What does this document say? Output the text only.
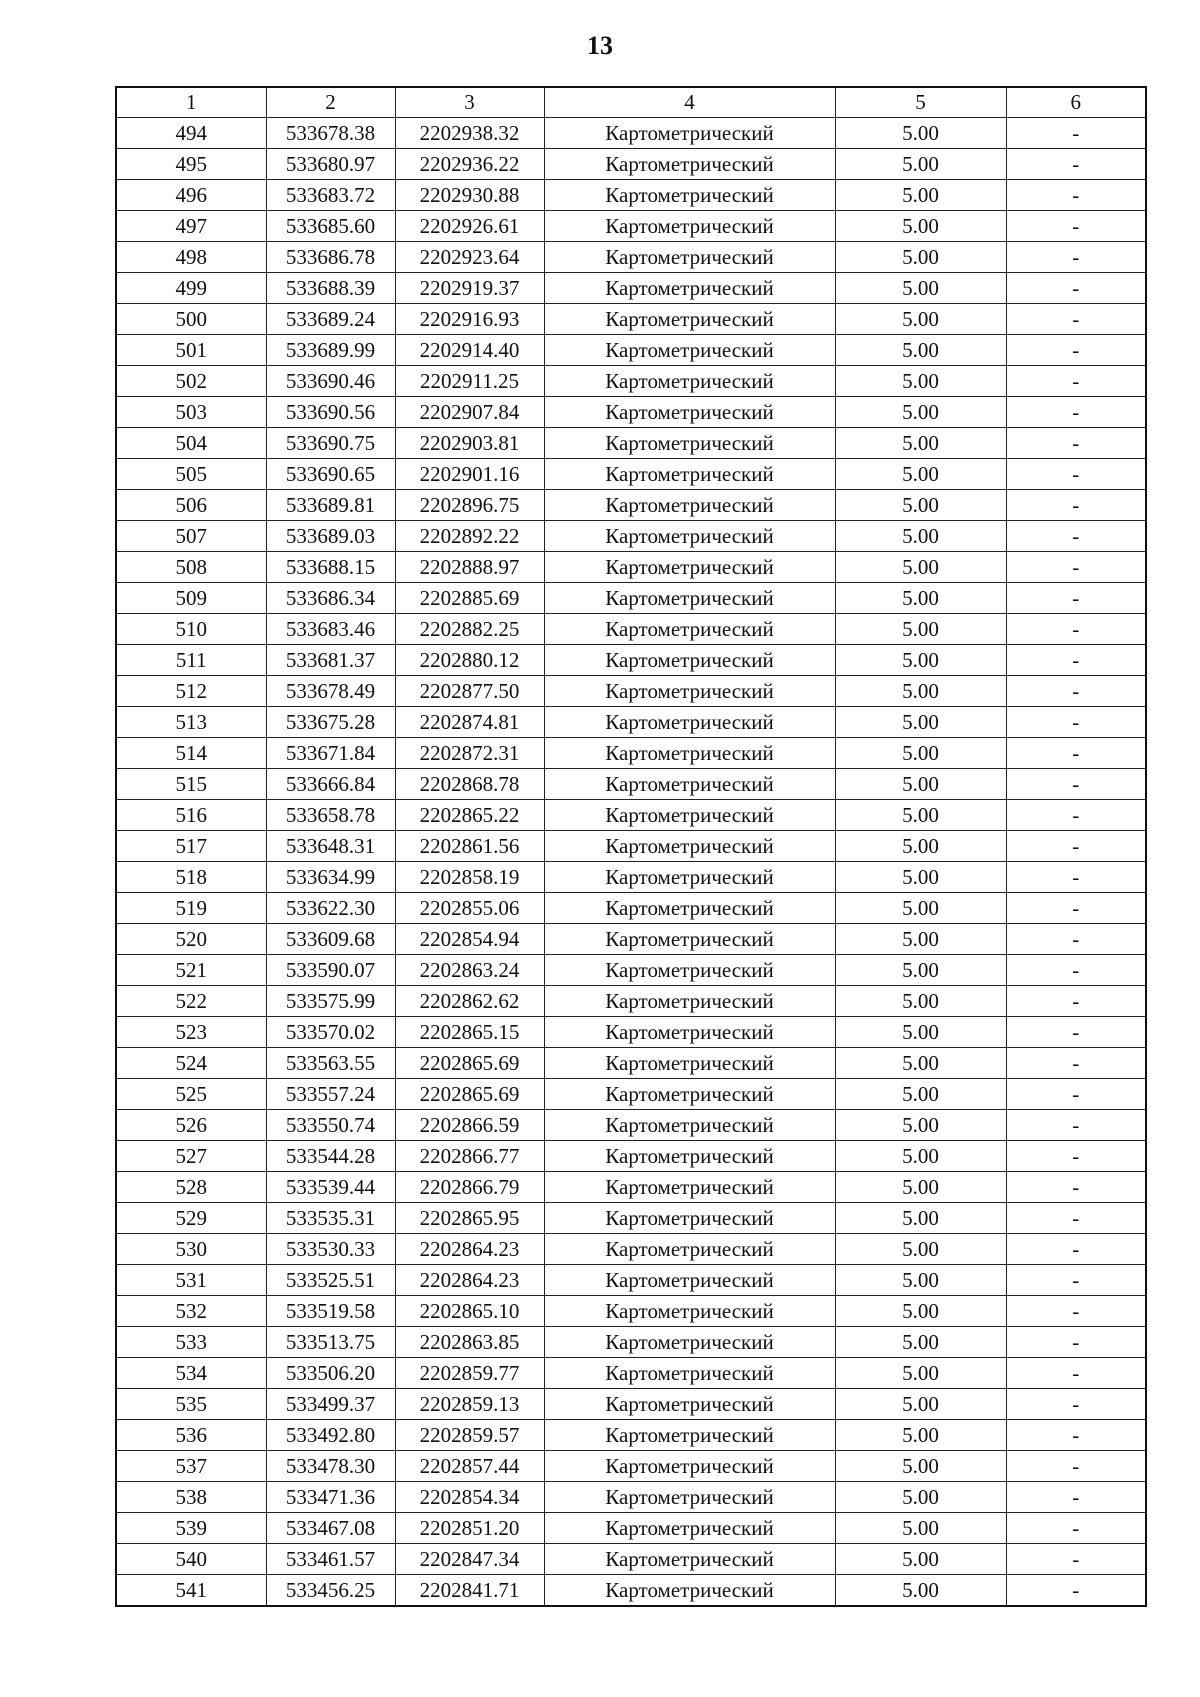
13
1	2	3	4	5	6
494	533678.38	2202938.32	Картометрический	5.00	-
495	533680.97	2202936.22	Картометрический	5.00	-
496	533683.72	2202930.88	Картометрический	5.00	-
497	533685.60	2202926.61	Картометрический	5.00	-
498	533686.78	2202923.64	Картометрический	5.00	-
499	533688.39	2202919.37	Картометрический	5.00	-
500	533689.24	2202916.93	Картометрический	5.00	-
501	533689.99	2202914.40	Картометрический	5.00	-
502	533690.46	2202911.25	Картометрический	5.00	-
503	533690.56	2202907.84	Картометрический	5.00	-
504	533690.75	2202903.81	Картометрический	5.00	-
505	533690.65	2202901.16	Картометрический	5.00	-
506	533689.81	2202896.75	Картометрический	5.00	-
507	533689.03	2202892.22	Картометрический	5.00	-
508	533688.15	2202888.97	Картометрический	5.00	-
509	533686.34	2202885.69	Картометрический	5.00	-
510	533683.46	2202882.25	Картометрический	5.00	-
511	533681.37	2202880.12	Картометрический	5.00	-
512	533678.49	2202877.50	Картометрический	5.00	-
513	533675.28	2202874.81	Картометрический	5.00	-
514	533671.84	2202872.31	Картометрический	5.00	-
515	533666.84	2202868.78	Картометрический	5.00	-
516	533658.78	2202865.22	Картометрический	5.00	-
517	533648.31	2202861.56	Картометрический	5.00	-
518	533634.99	2202858.19	Картометрический	5.00	-
519	533622.30	2202855.06	Картометрический	5.00	-
520	533609.68	2202854.94	Картометрический	5.00	-
521	533590.07	2202863.24	Картометрический	5.00	-
522	533575.99	2202862.62	Картометрический	5.00	-
523	533570.02	2202865.15	Картометрический	5.00	-
524	533563.55	2202865.69	Картометрический	5.00	-
525	533557.24	2202865.69	Картометрический	5.00	-
526	533550.74	2202866.59	Картометрический	5.00	-
527	533544.28	2202866.77	Картометрический	5.00	-
528	533539.44	2202866.79	Картометрический	5.00	-
529	533535.31	2202865.95	Картометрический	5.00	-
530	533530.33	2202864.23	Картометрический	5.00	-
531	533525.51	2202864.23	Картометрический	5.00	-
532	533519.58	2202865.10	Картометрический	5.00	-
533	533513.75	2202863.85	Картометрический	5.00	-
534	533506.20	2202859.77	Картометрический	5.00	-
535	533499.37	2202859.13	Картометрический	5.00	-
536	533492.80	2202859.57	Картометрический	5.00	-
537	533478.30	2202857.44	Картометрический	5.00	-
538	533471.36	2202854.34	Картометрический	5.00	-
539	533467.08	2202851.20	Картометрический	5.00	-
540	533461.57	2202847.34	Картометрический	5.00	-
541	533456.25	2202841.71	Картометрический	5.00	-
